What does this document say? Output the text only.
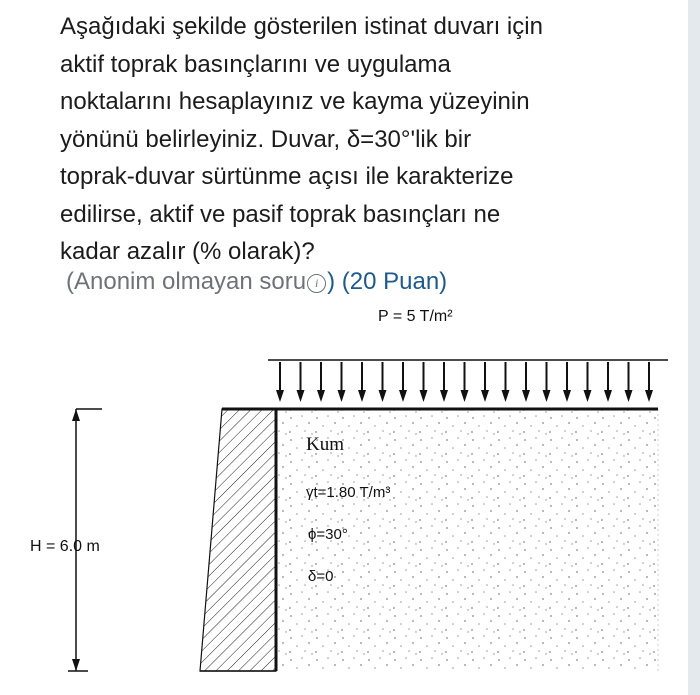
Aşağıdaki şekilde gösterilen istinat duvarı için
aktif toprak basınçlarını ve uygulama
noktalarını hesaplayınız ve kayma yüzeyinin
yönünü belirleyiniz. Duvar, δ=30°'lik bir
toprak-duvar sürtünme açısı ile karakterize
edilirse, aktif ve pasif toprak basınçları ne
kadar azalır (% olarak)?

(Anonim olmayan soru i ) (20 Puan)
P = 5 T/m²
H = 6.0 m
Kum
γt=1.80 T/m³
ϕ=30°
δ=0
